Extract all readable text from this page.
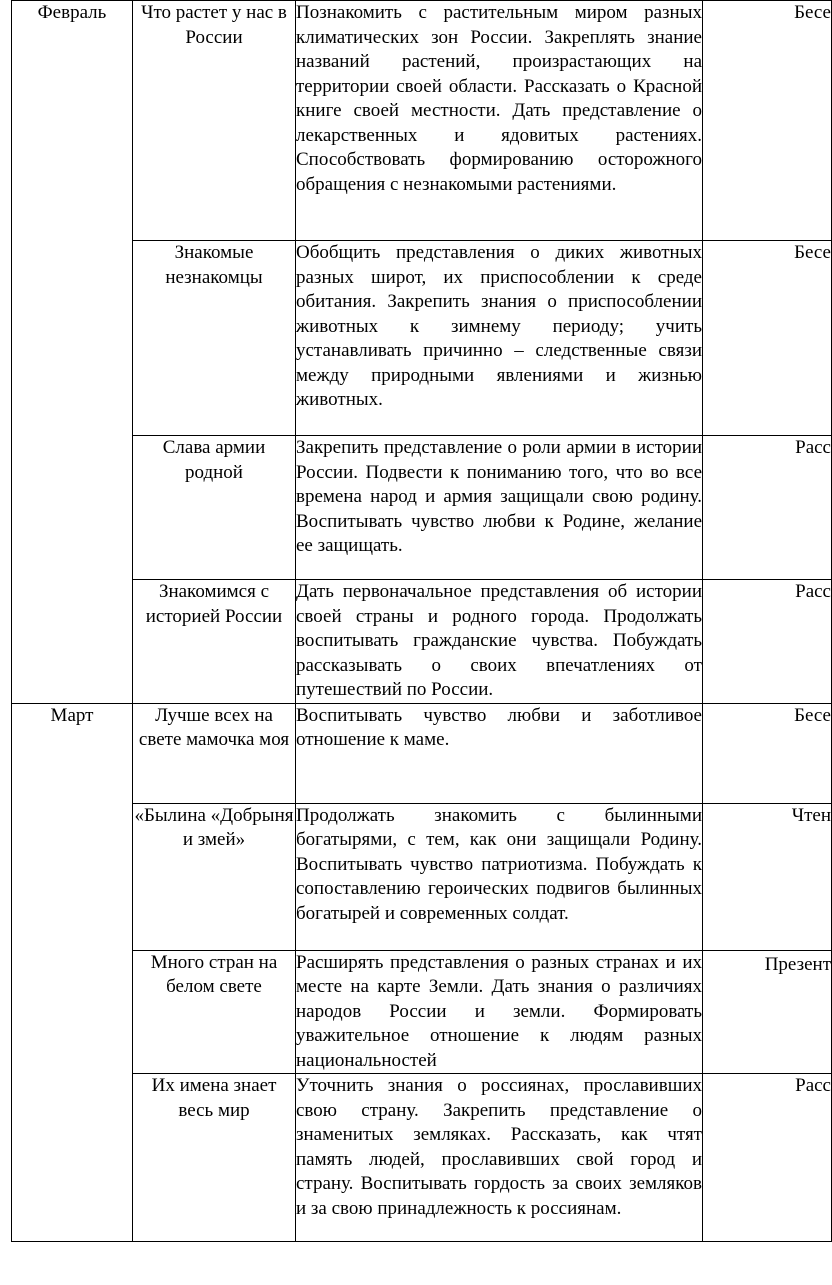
Февраль	Что растет у нас в России	Познакомить с растительным миром разных климатических зон России. Закреплять знание названий растений, произрастающих на территории своей области. Рассказать о Красной книге своей местности. Дать представление о лекарственных и ядовитых растениях. Способствовать формированию осторожного обращения с незнакомыми растениями.	Бесе
	Знакомые незнакомцы	Обобщить представления о диких животных разных широт, их приспособлении к среде обитания. Закрепить знания о приспособлении животных к зимнему периоду; учить устанавливать причинно – следственные связи между природными явлениями и жизнью животных.	Бесе
	Слава армии родной	Закрепить представление о роли армии в истории России. Подвести к пониманию того, что во все времена народ и армия защищали свою родину. Воспитывать чувство любви к Родине, желание ее защищать.	Расс
	Знакомимся с историей России	Дать первоначальное представления об истории своей страны и родного города. Продолжать воспитывать гражданские чувства. Побуждать рассказывать о своих впечатлениях от путешествий по России.	Расс
Март	Лучше всех на свете мамочка моя	Воспитывать чувство любви и заботливое отношение к маме.	Бесе
	«Былина «Добрыня и змей»	Продолжать знакомить с былинными богатырями, с тем, как они защищали Родину. Воспитывать чувство патриотизма. Побуждать к сопоставлению героических подвигов былинных богатырей и современных солдат.	Чтен
	Много стран на белом свете	Расширять представления о разных странах и их месте на карте Земли. Дать знания о различиях народов России и земли. Формировать уважительное отношение к людям разных национальностей	Презент
	Их имена знает весь мир	Уточнить знания о россиянах, прославивших свою страну. Закрепить представление о знаменитых земляках. Рассказать, как чтят память людей, прославивших свой город и страну. Воспитывать гордость за своих земляков и за свою принадлежность к россиянам.	Расс
